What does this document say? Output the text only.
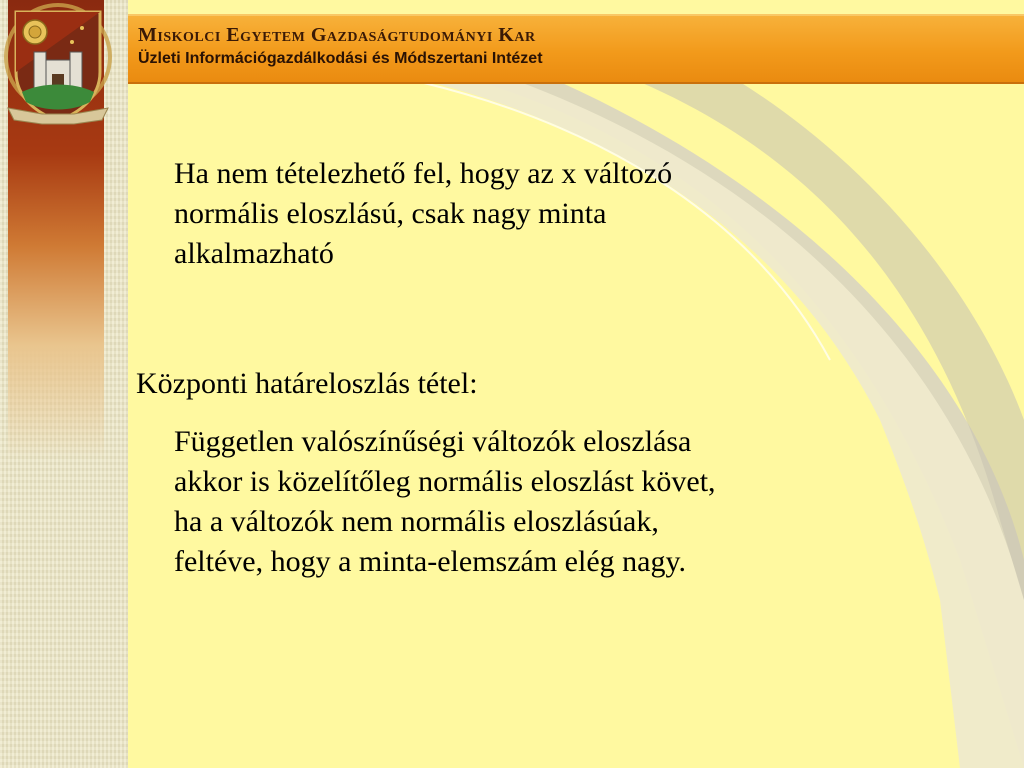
Miskolci Egyetem Gazdaságtudományi Kar
Üzleti Információgazdálkodási és Módszertani Intézet
Ha nem tételezhető fel, hogy az x változó
normális eloszlású, csak nagy minta
alkalmazható
Központi határeloszlás tétel:
Független valószínűségi változók eloszlása
akkor is közelítőleg normális eloszlást követ,
ha a változók nem normális eloszlásúak,
feltéve, hogy a minta-elemszám elég nagy.
